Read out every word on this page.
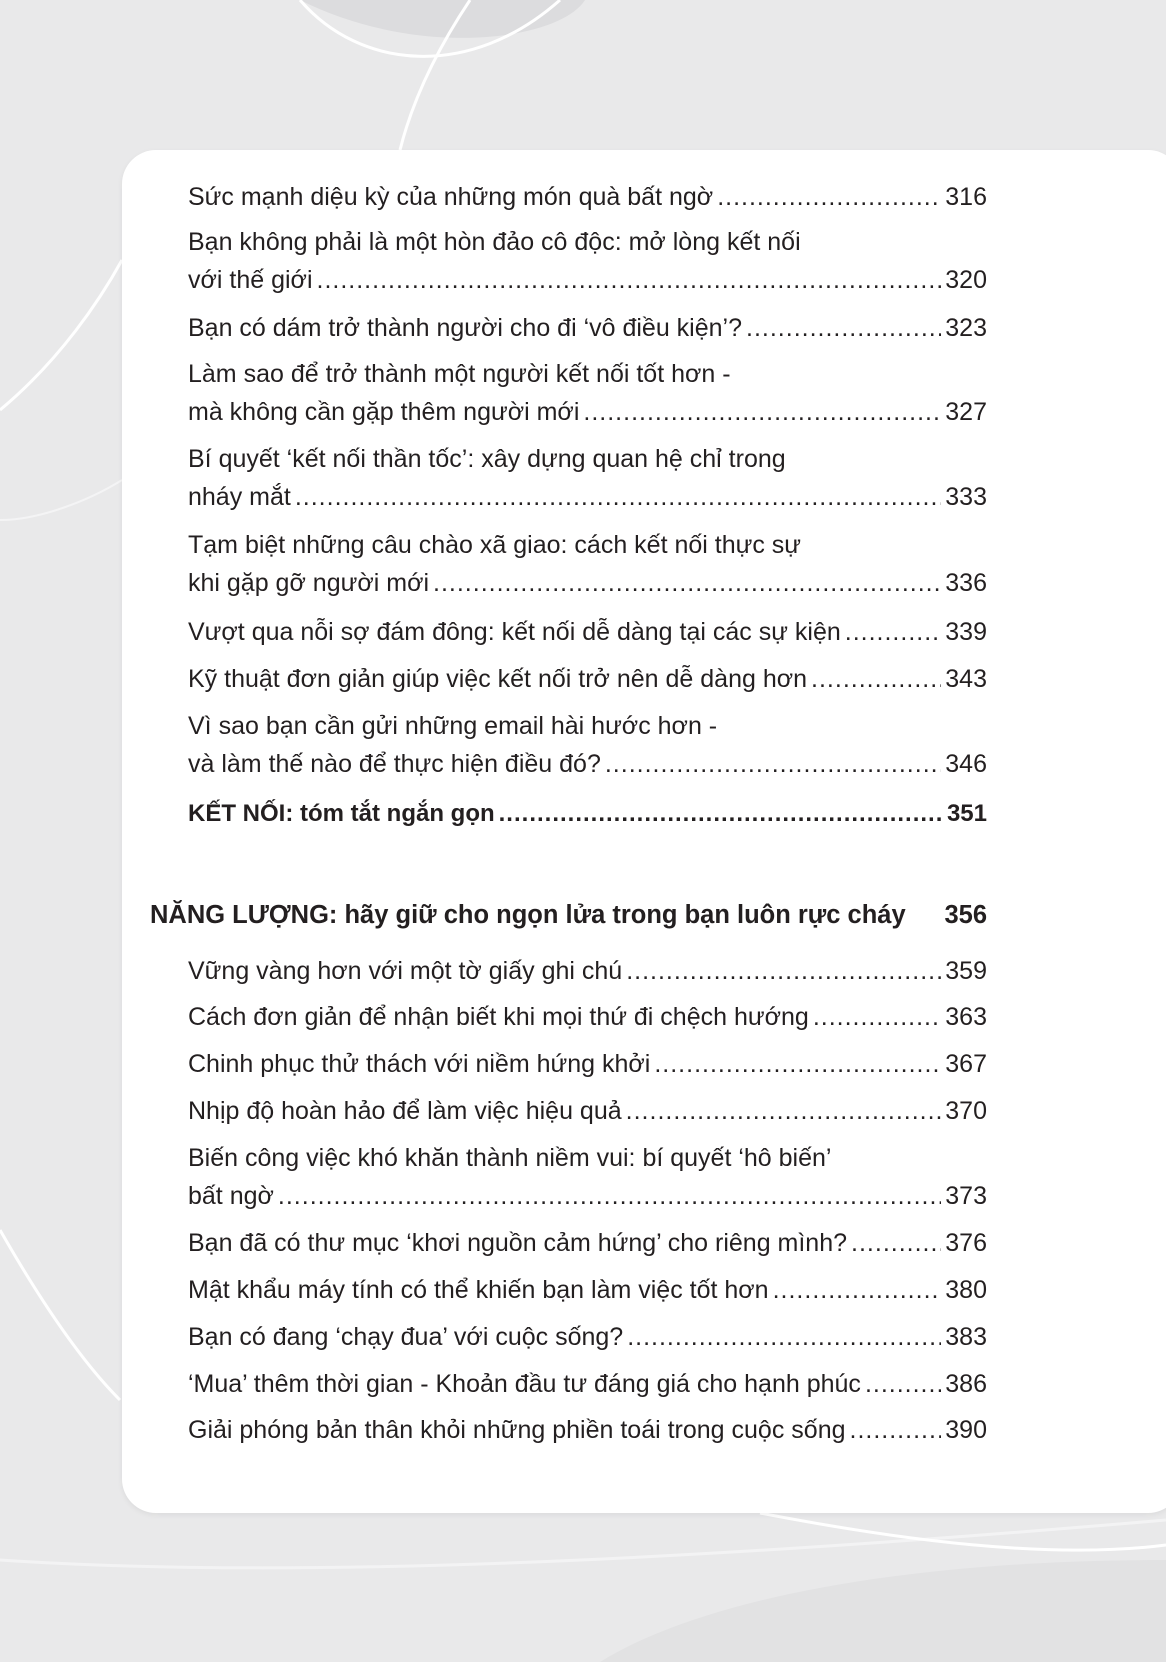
Sức mạnh diệu kỳ của những món quà bất ngờ .....	316
Bạn không phải là một hòn đảo cô độc: mở lòng kết nối
với thế giới .....	320
Bạn có dám trở thành người cho đi ‘vô điều kiện’? .....	323
Làm sao để trở thành một người kết nối tốt hơn -
mà không cần gặp thêm người mới .....	327
Bí quyết ‘kết nối thần tốc’: xây dựng quan hệ chỉ trong
nháy mắt .....	333
Tạm biệt những câu chào xã giao: cách kết nối thực sự
khi gặp gỡ người mới .....	336
Vượt qua nỗi sợ đám đông: kết nối dễ dàng tại các sự kiện .....	339
Kỹ thuật đơn giản giúp việc kết nối trở nên dễ dàng hơn .....	343
Vì sao bạn cần gửi những email hài hước hơn -
và làm thế nào để thực hiện điều đó? .....	346
KẾT NỐI: tóm tắt ngắn gọn .....	351
NĂNG LƯỢNG: hãy giữ cho ngọn lửa trong bạn luôn rực cháy 356
Vững vàng hơn với một tờ giấy ghi chú .....	359
Cách đơn giản để nhận biết khi mọi thứ đi chệch hướng .....	363
Chinh phục thử thách với niềm hứng khởi .....	367
Nhịp độ hoàn hảo để làm việc hiệu quả .....	370
Biến công việc khó khăn thành niềm vui: bí quyết ‘hô biến’
bất ngờ .....	373
Bạn đã có thư mục ‘khơi nguồn cảm hứng’ cho riêng mình? .....	376
Mật khẩu máy tính có thể khiến bạn làm việc tốt hơn .....	380
Bạn có đang ‘chạy đua’ với cuộc sống? .....	383
‘Mua’ thêm thời gian - Khoản đầu tư đáng giá cho hạnh phúc .....	386
Giải phóng bản thân khỏi những phiền toái trong cuộc sống .....	390
